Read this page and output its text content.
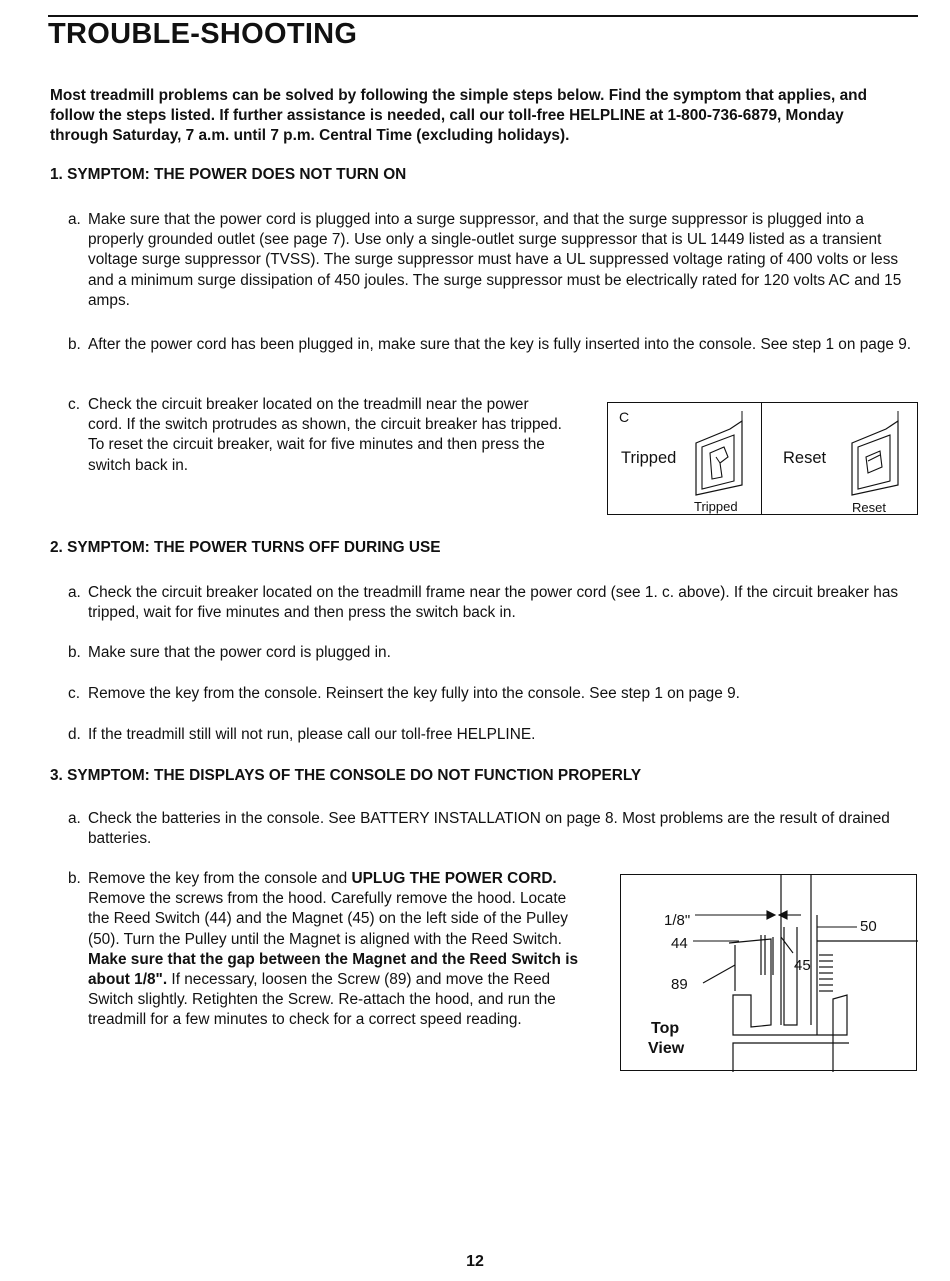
TROUBLE-SHOOTING
Most treadmill problems can be solved by following the simple steps below. Find the symptom that applies, and follow the steps listed. If further assistance is needed, call our toll-free HELPLINE at 1-800-736-6879, Monday through Saturday, 7 a.m. until 7 p.m. Central Time (excluding holidays).
1. SYMPTOM: THE POWER DOES NOT TURN ON
a. Make sure that the power cord is plugged into a surge suppressor, and that the surge suppressor is plugged into a properly grounded outlet (see page 7). Use only a single-outlet surge suppressor that is UL 1449 listed as a transient voltage surge suppressor (TVSS). The surge suppressor must have a UL suppressed voltage rating of 400 volts or less and a minimum surge dissipation of 450 joules. The surge suppressor must be electrically rated for 120 volts AC and 15 amps.
b. After the power cord has been plugged in, make sure that the key is fully inserted into the console. See step 1 on page 9.
c. Check the circuit breaker located on the treadmill near the power cord. If the switch protrudes as shown, the circuit breaker has tripped. To reset the circuit breaker, wait for five minutes and then press the switch back in.
C
Tripped	Reset
Tripped	Reset
2. SYMPTOM: THE POWER TURNS OFF DURING USE
a. Check the circuit breaker located on the treadmill frame near the power cord (see 1. c. above). If the circuit breaker has tripped, wait for five minutes and then press the switch back in.
b. Make sure that the power cord is plugged in.
c. Remove the key from the console. Reinsert the key fully into the console. See step 1 on page 9.
d. If the treadmill still will not run, please call our toll-free HELPLINE.
3. SYMPTOM: THE DISPLAYS OF THE CONSOLE DO NOT FUNCTION PROPERLY
a. Check the batteries in the console. See BATTERY INSTALLATION on page 8. Most problems are the result of drained batteries.
b. Remove the key from the console and UPLUG THE POWER CORD. Remove the screws from the hood. Carefully remove the hood. Locate the Reed Switch (44) and the Magnet (45) on the left side of the Pulley (50). Turn the Pulley until the Magnet is aligned with the Reed Switch. Make sure that the gap between the Magnet and the Reed Switch is about 1/8". If necessary, loosen the Screw (89) and move the Reed Switch slightly. Retighten the Screw. Re-attach the hood, and run the treadmill for a few minutes to check for a correct speed reading.
1/8"
44
89
45
50
Top
View
12
